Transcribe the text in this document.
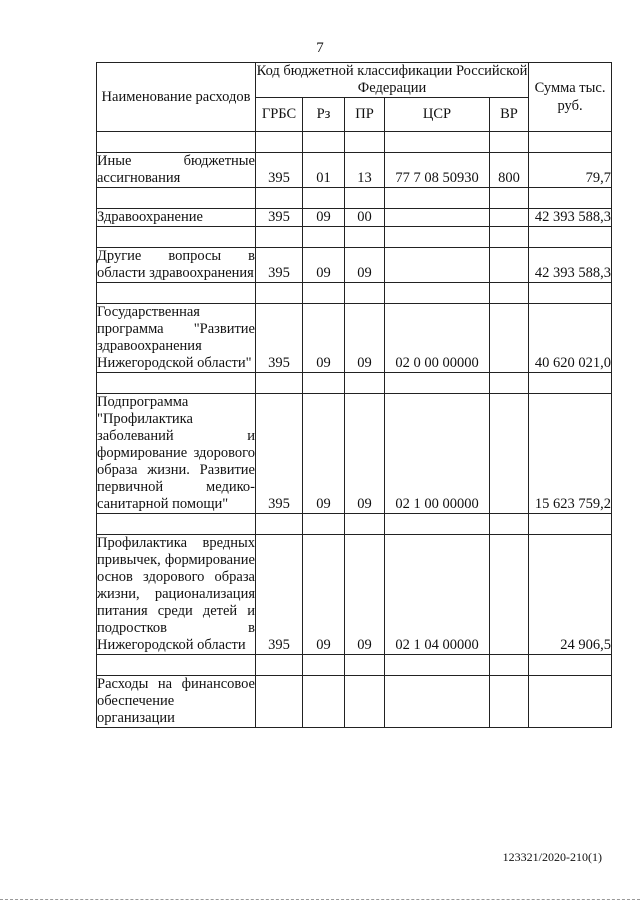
7
Наименование расходов	Код бюджетной классификации Российской Федерации					Сумма тыс. руб.
	ГРБС	Рз	ПР	ЦСР	ВР	

Иные бюджетные ассигнования	395	01	13	77 7 08 50930	800	79,7

Здравоохранение	395	09	00			42 393 588,3

Другие вопросы в области здравоохранения	395	09	09			42 393 588,3

Государственная программа "Развитие здравоохранения Нижегородской области"	395	09	09	02 0 00 00000		40 620 021,0

Подпрограмма "Профилактика заболеваний и формирование здорового образа жизни. Развитие первичной медико-санитарной помощи"	395	09	09	02 1 00 00000		15 623 759,2

Профилактика вредных привычек, формирование основ здорового образа жизни, рационализация питания среди детей и подростков в Нижегородской области	395	09	09	02 1 04 00000		24 906,5

Расходы на финансовое обеспечение организации						
123321/2020-210(1)
